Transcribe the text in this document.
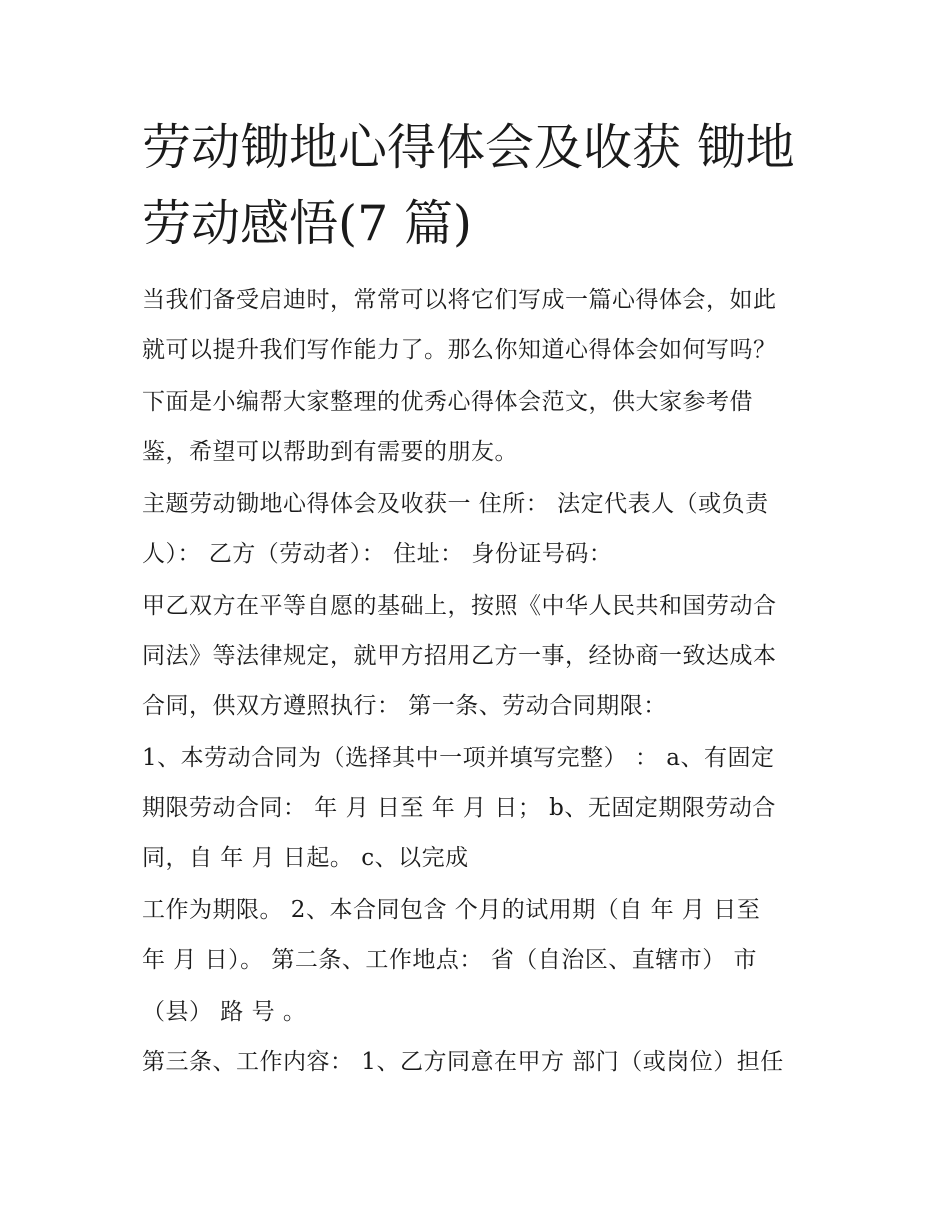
劳动锄地心得体会及收获 锄地
劳动感悟(7 篇)
当我们备受启迪时，常常可以将它们写成一篇心得体会，如此
就可以提升我们写作能力了。那么你知道心得体会如何写吗？
下面是小编帮大家整理的优秀心得体会范文，供大家参考借
鉴，希望可以帮助到有需要的朋友。
主题劳动锄地心得体会及收获一 住所： 法定代表人（或负责
人）： 乙方（劳动者）： 住址： 身份证号码：
甲乙双方在平等自愿的基础上，按照《中华人民共和国劳动合
同法》等法律规定，就甲方招用乙方一事，经协商一致达成本
合同，供双方遵照执行： 第一条、劳动合同期限：
1、本劳动合同为（选择其中一项并填写完整） ： a、有固定
期限劳动合同： 年 月 日至 年 月 日； b、无固定期限劳动合
同，自 年 月 日起。 c、以完成
工作为期限。 2、本合同包含 个月的试用期（自 年 月 日至
年 月 日）。 第二条、工作地点： 省（自治区、直辖市） 市
（县） 路 号 。
第三条、工作内容： 1、乙方同意在甲方 部门（或岗位）担任
